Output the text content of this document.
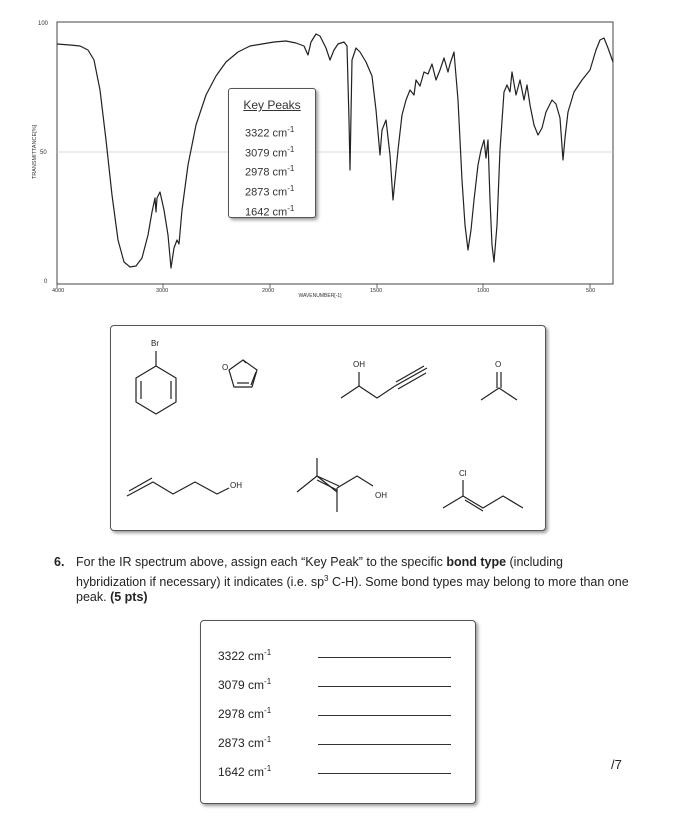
100
50
0
TRANSMITTANCE[%]
4000	3000	2000	1500	1000	500
WAVENUMBER[-1]
Key Peaks
3322 $cm^{-1}$
3079 $cm^{-1}$
2978 $cm^{-1}$
2873 $cm^{-1}$
1642 $cm^{-1}$
Br
O	OH	O
OH
OH
Cl
6. For the IR spectrum above, assign each “Key Peak” to the specific bond type (including hybridization if necessary) it indicates (i.e. $sp^3$ C-H). Some bond types may belong to more than one peak. (5 pts)
3322 $cm^{-1}$
3079 $cm^{-1}$
2978 $cm^{-1}$
2873 $cm^{-1}$
1642 $cm^{-1}$	/7
